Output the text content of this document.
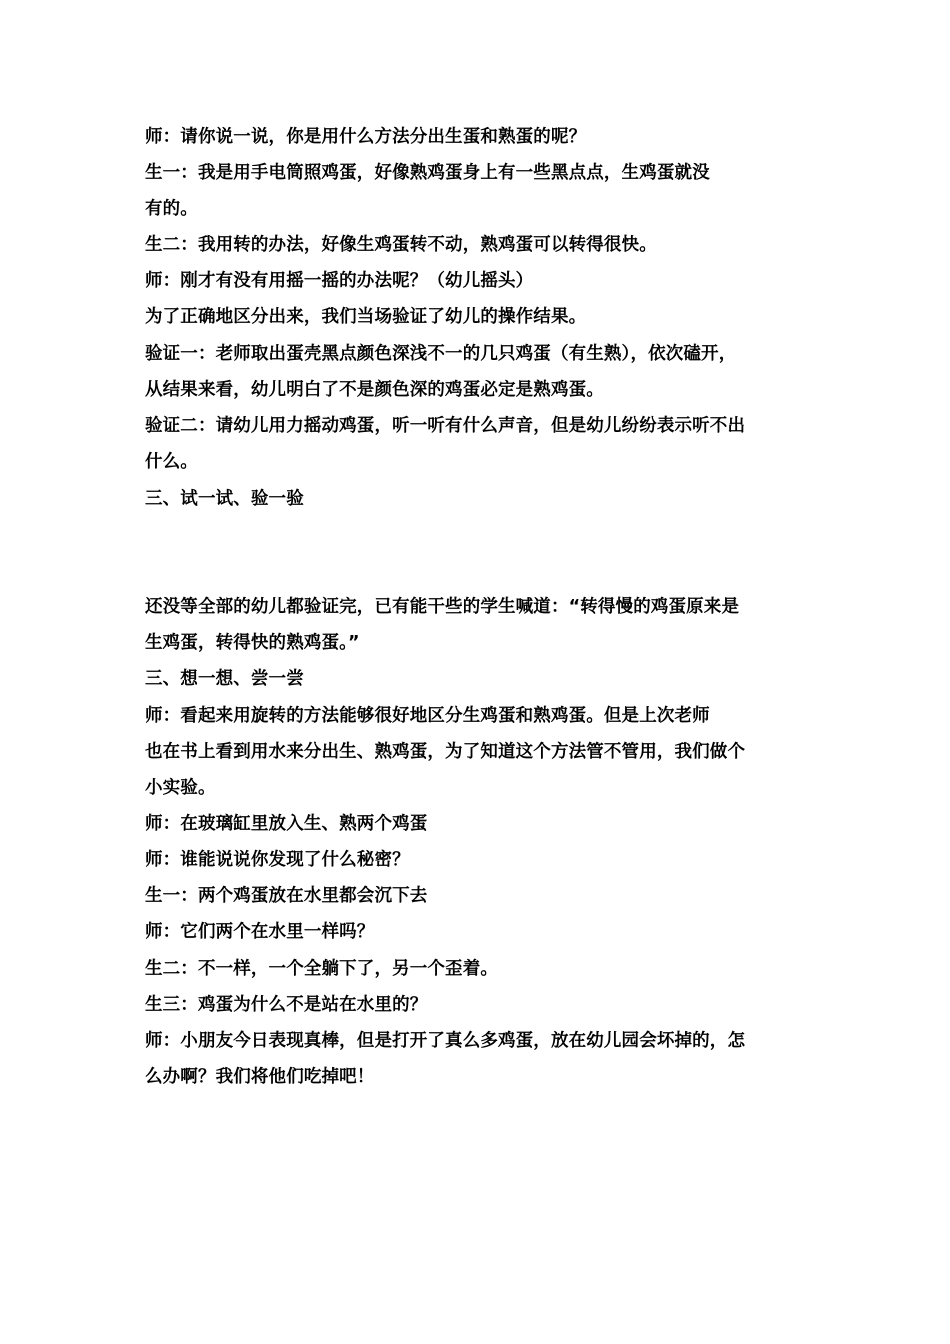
师：请你说一说，你是用什么方法分出生蛋和熟蛋的呢？
生一：我是用手电筒照鸡蛋，好像熟鸡蛋身上有一些黑点点，生鸡蛋就没
有的。
生二：我用转的办法，好像生鸡蛋转不动，熟鸡蛋可以转得很快。
师：刚才有没有用摇一摇的办法呢？（幼儿摇头）
为了正确地区分出来，我们当场验证了幼儿的操作结果。
验证一：老师取出蛋壳黑点颜色深浅不一的几只鸡蛋（有生熟），依次磕开，
从结果来看，幼儿明白了不是颜色深的鸡蛋必定是熟鸡蛋。
验证二：请幼儿用力摇动鸡蛋，听一听有什么声音，但是幼儿纷纷表示听不出
什么。
三、试一试、验一验
还没等全部的幼儿都验证完，已有能干些的学生喊道：“转得慢的鸡蛋原来是
生鸡蛋，转得快的熟鸡蛋。”
三、想一想、尝一尝
师：看起来用旋转的方法能够很好地区分生鸡蛋和熟鸡蛋。但是上次老师
也在书上看到用水来分出生、熟鸡蛋，为了知道这个方法管不管用，我们做个
小实验。
师：在玻璃缸里放入生、熟两个鸡蛋
师：谁能说说你发现了什么秘密？
生一：两个鸡蛋放在水里都会沉下去
师：它们两个在水里一样吗？
生二：不一样，一个全躺下了，另一个歪着。
生三：鸡蛋为什么不是站在水里的？
师：小朋友今日表现真棒，但是打开了真么多鸡蛋，放在幼儿园会坏掉的，怎
么办啊？我们将他们吃掉吧！
